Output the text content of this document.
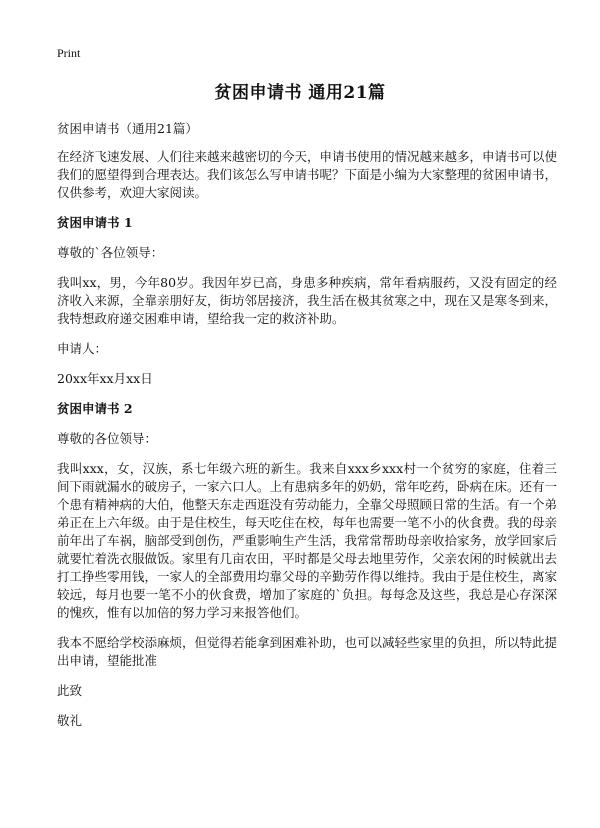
Print
贫困申请书 通用21篇

贫困申请书（通用21篇）

在经济飞速发展、人们往来越来越密切的今天，申请书使用的情况越来越多，申请书可以使我们的愿望得到合理表达。我们该怎么写申请书呢？下面是小编为大家整理的贫困申请书，仅供参考，欢迎大家阅读。

贫困申请书 1

尊敬的`各位领导：

我叫xx，男，今年80岁。我因年岁已高，身患多种疾病，常年看病服药，又没有固定的经济收入来源，全靠亲朋好友，街坊邻居接济，我生活在极其贫寒之中，现在又是寒冬到来，我特想政府递交困难申请，望给我一定的救济补助。

申请人：

20xx年xx月xx日

贫困申请书 2

尊敬的各位领导：

我叫xxx，女，汉族，系七年级六班的新生。我来自xxx乡xxx村一个贫穷的家庭，住着三间下雨就漏水的破房子，一家六口人。上有患病多年的奶奶，常年吃药，卧病在床。还有一个患有精神病的大伯，他整天东走西逛没有劳动能力，全靠父母照顾日常的生活。有一个弟弟正在上六年级。由于是住校生，每天吃住在校，每年也需要一笔不小的伙食费。我的母亲前年出了车祸，脑部受到创伤，严重影响生产生活，我常常帮助母亲收拾家务，放学回家后就要忙着洗衣服做饭。家里有几亩农田，平时都是父母去地里劳作，父亲农闲的时候就出去打工挣些零用钱，一家人的全部费用均靠父母的辛勤劳作得以维持。我由于是住校生，离家较远，每月也要一笔不小的伙食费，增加了家庭的`负担。每每念及这些，我总是心存深深的愧疚，惟有以加倍的努力学习来报答他们。

我本不愿给学校添麻烦，但觉得若能拿到困难补助，也可以减轻些家里的负担，所以特此提出申请，望能批准

此致

敬礼
